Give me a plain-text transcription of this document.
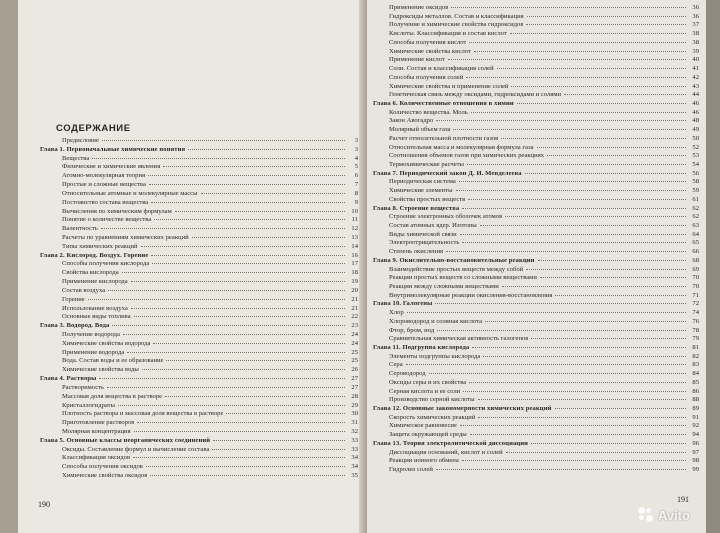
СОДЕРЖАНИЕ
Предисловие	3
Глава 1. Первоначальные химические понятия	3
Вещества	4
Физические и химические явления	5
Атомно-молекулярная теория	6
Простые и сложные вещества	7
Относительные атомные и молекулярные массы	8
Постоянство состава вещества	9
Вычисления по химическим формулам	10
Понятие о количестве вещества	11
Валентность	12
Расчеты по уравнениям химических реакций	13
Типы химических реакций	14
Глава 2. Кислород. Воздух. Горение	16
Способы получения кислорода	17
Свойства кислорода	18
Применение кислорода	19
Состав воздуха	20
Горение	21
Использование воздуха	21
Основные виды топлива	22
Глава 3. Водород. Вода	23
Получение водорода	24
Химические свойства водорода	24
Применение водорода	25
Вода. Состав воды и ее образование	25
Химические свойства воды	26
Глава 4. Растворы	27
Растворимость	27
Массовая доля вещества в растворе	28
Кристаллогидраты	29
Плотность раствора и массовая доля вещества в растворе	30
Приготовление растворов	31
Молярная концентрация	32
Глава 5. Основные классы неорганических соединений	33
Оксиды. Составление формул и вычисление состава	33
Классификация оксидов	34
Способы получения оксидов	34
Химические свойства оксидов	35
190
Применение оксидов	36
Гидроксиды металлов. Состав и классификация	36
Получение и химические свойства гидроксидов	37
Кислоты. Классификация и состав кислот	38
Способы получения кислот	38
Химические свойства кислот	39
Применение кислот	40
Соли. Состав и классификация солей	41
Способы получения солей	42
Химические свойства и применение солей	43
Генетическая связь между оксидами, гидроксидами и солями	44
Глава 6. Количественные отношения в химии	46
Количество вещества. Моль	46
Закон Авогадро	48
Молярный объем газа	49
Расчет относительной плотности газов	50
Относительная масса и молекулярная формула газа	52
Соотношения объемов газов при химических реакциях	53
Термохимические расчеты	54
Глава 7. Периодический закон Д. И. Менделеева	56
Периодическая система	58
Химические элементы	59
Свойства простых веществ	61
Глава 8. Строение вещества	62
Строение электронных оболочек атомов	62
Состав атомных ядер. Изотопы	63
Виды химической связи	64
Электроотрицательность	65
Степень окисления	66
Глава 9. Окислительно-восстановительные реакции	68
Взаимодействие простых веществ между собой	69
Реакции простых веществ со сложными веществами	70
Реакции между сложными веществами	70
Внутримолекулярные реакции окисления-восстановления	71
Глава 10. Галогены	72
Хлор	74
Хлороводород и соляная кислота	76
Фтор, бром, иод	78
Сравнительная химическая активность галогенов	79
Глава 11. Подгруппа кислорода	81
Элементы подгруппы кислорода	82
Сера	83
Сероводород	84
Оксиды серы и их свойства	85
Серная кислота и ее соли	86
Производство серной кислоты	88
Глава 12. Основные закономерности химических реакций	89
Скорость химических реакций	91
Химическое равновесие	92
Защита окружающей среды	94
Глава 13. Теория электролитической диссоциации	96
Диссоциация оснований, кислот и солей	97
Реакции ионного обмена	98
Гидролиз солей	99
191
Avito
